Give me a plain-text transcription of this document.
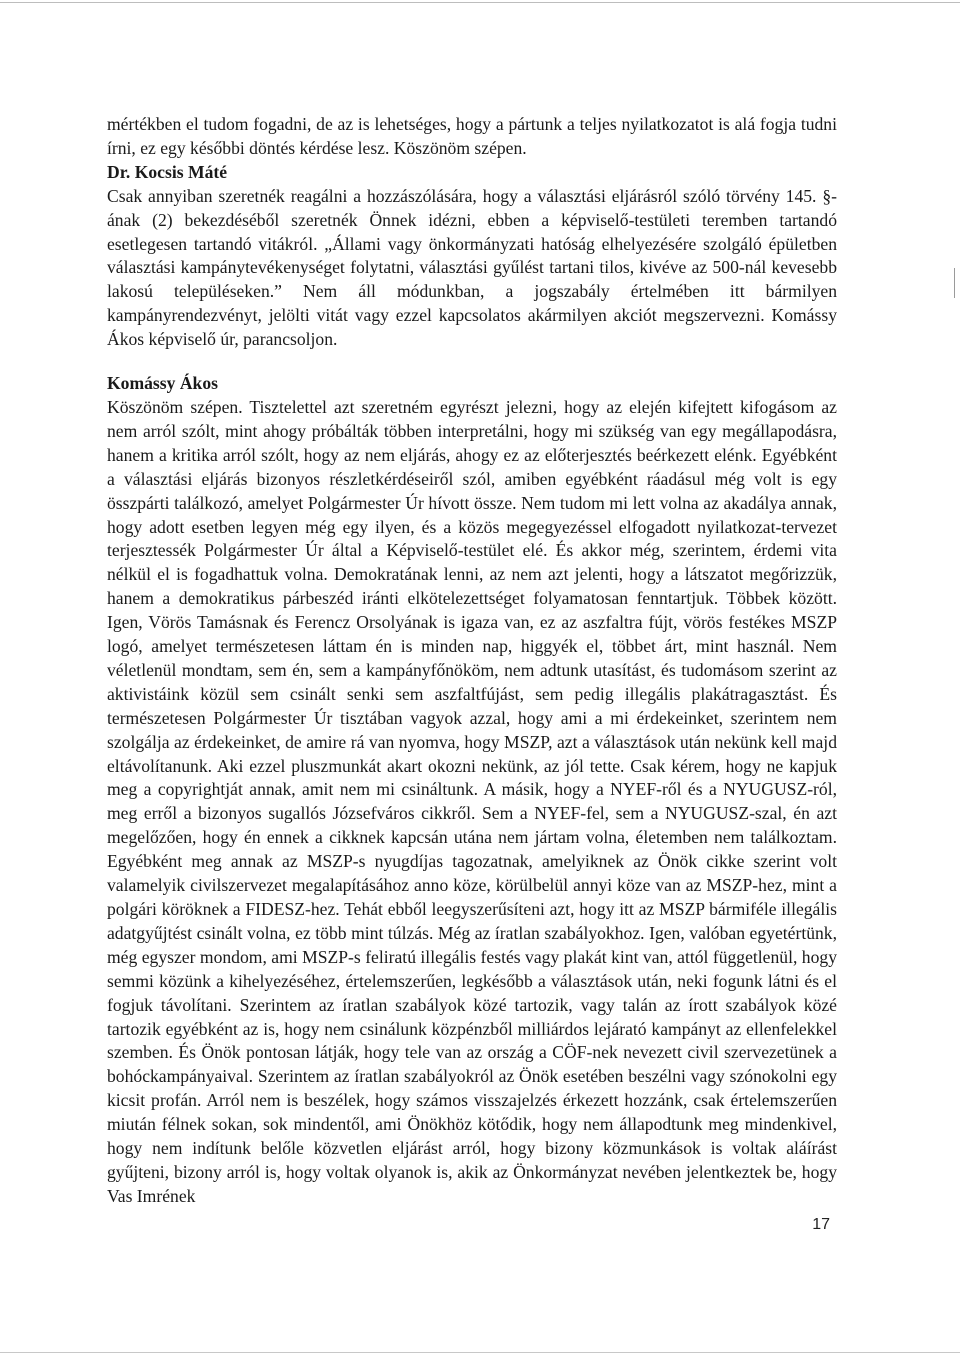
mértékben el tudom fogadni, de az is lehetséges, hogy a pártunk a teljes nyilatkozatot is alá fogja tudni írni, ez egy későbbi döntés kérdése lesz. Köszönöm szépen.

Dr. Kocsis Máté

Csak annyiban szeretnék reagálni a hozzászólására, hogy a választási eljárásról szóló törvény 145. §-ának (2) bekezdéséből szeretnék Önnek idézni, ebben a képviselő-testületi teremben tartandó esetlegesen tartandó vitákról. „Állami vagy önkormányzati hatóság elhelyezésére szolgáló épületben választási kampánytevékenységet folytatni, választási gyűlést tartani tilos, kivéve az 500-nál kevesebb lakosú településeken.” Nem áll módunkban, a jogszabály értelmében itt bármilyen kampányrendezvényt, jelölti vitát vagy ezzel kapcsolatos akármilyen akciót megszervezni. Komássy Ákos képviselő úr, parancsoljon.

Komássy Ákos

Köszönöm szépen. Tisztelettel azt szeretném egyrészt jelezni, hogy az elején kifejtett kifogásom az nem arról szólt, mint ahogy próbálták többen interpretálni, hogy mi szükség van egy megállapodásra, hanem a kritika arról szólt, hogy az nem eljárás, ahogy ez az előterjesztés beérkezett elénk. Egyébként a választási eljárás bizonyos részletkérdéseiről szól, amiben egyébként ráadásul még volt is egy összpárti találkozó, amelyet Polgármester Úr hívott össze. Nem tudom mi lett volna az akadálya annak, hogy adott esetben legyen még egy ilyen, és a közös megegyezéssel elfogadott nyilatkozat-tervezet terjesztessék Polgármester Úr által a Képviselő-testület elé. És akkor még, szerintem, érdemi vita nélkül el is fogadhattuk volna. Demokratának lenni, az nem azt jelenti, hogy a látszatot megőrizzük, hanem a demokratikus párbeszéd iránti elkötelezettséget folyamatosan fenntartjuk. Többek között. Igen, Vörös Tamásnak és Ferencz Orsolyának is igaza van, ez az aszfaltra fújt, vörös festékes MSZP logó, amelyet természetesen láttam én is minden nap, higgyék el, többet árt, mint használ. Nem véletlenül mondtam, sem én, sem a kampányfőnököm, nem adtunk utasítást, és tudomásom szerint az aktivistáink közül sem csinált senki sem aszfaltfújást, sem pedig illegális plakátragasztást. És természetesen Polgármester Úr tisztában vagyok azzal, hogy ami a mi érdekeinket, szerintem nem szolgálja az érdekeinket, de amire rá van nyomva, hogy MSZP, azt a választások után nekünk kell majd eltávolítanunk. Aki ezzel pluszmunkát akart okozni nekünk, az jól tette. Csak kérem, hogy ne kapjuk meg a copyrightját annak, amit nem mi csináltunk. A másik, hogy a NYEF-ről és a NYUGUSZ-ról, meg erről a bizonyos sugallós Józsefváros cikkről. Sem a NYEF-fel, sem a NYUGUSZ-szal, én azt megelőzően, hogy én ennek a cikknek kapcsán utána nem jártam volna, életemben nem találkoztam. Egyébként meg annak az MSZP-s nyugdíjas tagozatnak, amelyiknek az Önök cikke szerint volt valamelyik civilszervezet megalapításához anno köze, körülbelül annyi köze van az MSZP-hez, mint a polgári köröknek a FIDESZ-hez. Tehát ebből leegyszerűsíteni azt, hogy itt az MSZP bármiféle illegális adatgyűjtést csinált volna, ez több mint túlzás. Még az íratlan szabályokhoz. Igen, valóban egyetértünk, még egyszer mondom, ami MSZP-s feliratú illegális festés vagy plakát kint van, attól függetlenül, hogy semmi közünk a kihelyezéséhez, értelemszerűen, legkésőbb a választások után, neki fogunk látni és el fogjuk távolítani. Szerintem az íratlan szabályok közé tartozik, vagy talán az írott szabályok közé tartozik egyébként az is, hogy nem csinálunk közpénzből milliárdos lejárató kampányt az ellenfelekkel szemben. És Önök pontosan látják, hogy tele van az ország a CÖF-nek nevezett civil szervezetünek a bohóckampányaival. Szerintem az íratlan szabályokról az Önök esetében beszélni vagy szónokolni egy kicsit profán. Arról nem is beszélek, hogy számos visszajelzés érkezett hozzánk, csak értelemszerűen miután félnek sokan, sok mindentől, ami Önökhöz kötődik, hogy nem állapodtunk meg mindenkivel, hogy nem indítunk belőle közvetlen eljárást arról, hogy bizony közmunkások is voltak aláírást gyűjteni, bizony arról is, hogy voltak olyanok is, akik az Önkormányzat nevében jelentkeztek be, hogy Vas Imrének

17
